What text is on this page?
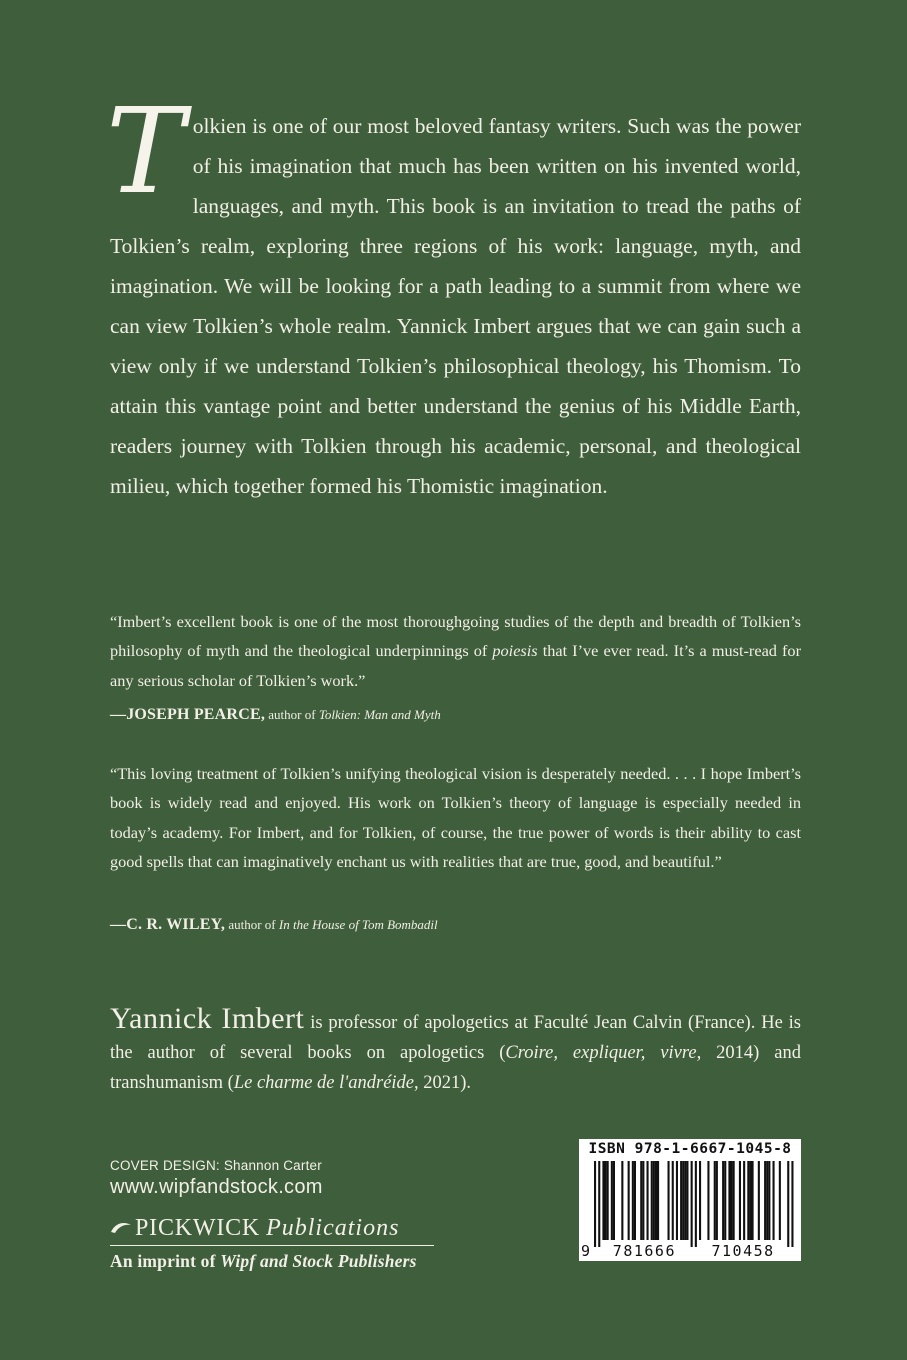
T olkien is one of our most beloved fantasy writers. Such was the power of his imagination that much has been written on his invented world, languages, and myth. This book is an invitation to tread the paths of Tolkien’s realm, exploring three regions of his work: language, myth, and imagination. We will be looking for a path leading to a summit from where we can view Tolkien’s whole realm. Yannick Imbert argues that we can gain such a view only if we understand Tolkien’s philosophical theology, his Thomism. To attain this vantage point and better understand the genius of his Middle Earth, readers journey with Tolkien through his academic, personal, and theological milieu, which together formed his Thomistic imagination.

“Imbert’s excellent book is one of the most thoroughgoing studies of the depth and breadth of Tolkien’s philosophy of myth and the theological underpinnings of poiesis that I’ve ever read. It’s a must-read for any serious scholar of Tolkien’s work.”

—JOSEPH PEARCE, author of Tolkien: Man and Myth

“This loving treatment of Tolkien’s unifying theological vision is desperately needed. . . . I hope Imbert’s book is widely read and enjoyed. His work on Tolkien’s theory of language is especially needed in today’s academy. For Imbert, and for Tolkien, of course, the true power of words is their ability to cast good spells that can imaginatively enchant us with realities that are true, good, and beautiful.”

—C. R. WILEY, author of In the House of Tom Bombadil

Yannick Imbert is professor of apologetics at Faculté Jean Calvin (France). He is the author of several books on apologetics (Croire, expliquer, vivre, 2014) and transhumanism (Le charme de l'andréide, 2021).

COVER DESIGN: Shannon Carter
www.wipfandstock.com
PICKWICK Publications
An imprint of Wipf and Stock Publishers
ISBN 978-1-6667-1045-8
9 781666 710458
